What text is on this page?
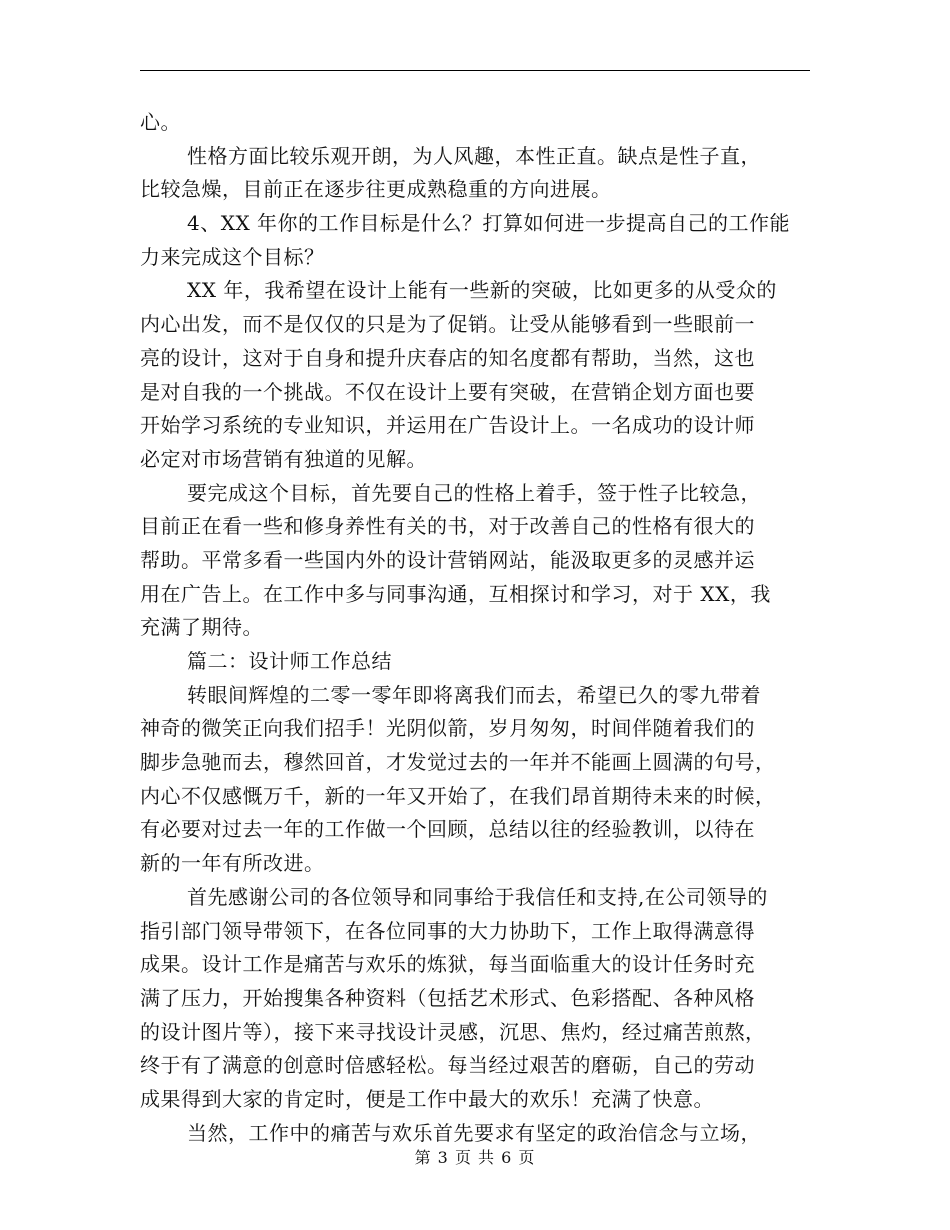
心。
性格方面比较乐观开朗，为人风趣，本性正直。缺点是性子直，
比较急燥，目前正在逐步往更成熟稳重的方向进展。
4、XX 年你的工作目标是什么？打算如何进一步提高自己的工作能
力来完成这个目标？
XX 年，我希望在设计上能有一些新的突破，比如更多的从受众的
内心出发，而不是仅仅的只是为了促销。让受从能够看到一些眼前一
亮的设计，这对于自身和提升庆春店的知名度都有帮助，当然，这也
是对自我的一个挑战。不仅在设计上要有突破，在营销企划方面也要
开始学习系统的专业知识，并运用在广告设计上。一名成功的设计师
必定对市场营销有独道的见解。
要完成这个目标，首先要自己的性格上着手，签于性子比较急，
目前正在看一些和修身养性有关的书，对于改善自己的性格有很大的
帮助。平常多看一些国内外的设计营销网站，能汲取更多的灵感并运
用在广告上。在工作中多与同事沟通，互相探讨和学习，对于 XX，我
充满了期待。
篇二：设计师工作总结
转眼间辉煌的二零一零年即将离我们而去，希望已久的零九带着
神奇的微笑正向我们招手！光阴似箭，岁月匆匆，时间伴随着我们的
脚步急驰而去，穆然回首，才发觉过去的一年并不能画上圆满的句号，
内心不仅感慨万千，新的一年又开始了，在我们昂首期待未来的时候，
有必要对过去一年的工作做一个回顾，总结以往的经验教训，以待在
新的一年有所改进。
首先感谢公司的各位领导和同事给于我信任和支持,在公司领导的
指引部门领导带领下，在各位同事的大力协助下，工作上取得满意得
成果。设计工作是痛苦与欢乐的炼狱，每当面临重大的设计任务时充
满了压力，开始搜集各种资料（包括艺术形式、色彩搭配、各种风格
的设计图片等），接下来寻找设计灵感，沉思、焦灼，经过痛苦煎熬，
终于有了满意的创意时倍感轻松。每当经过艰苦的磨砺，自己的劳动
成果得到大家的肯定时，便是工作中最大的欢乐！充满了快意。
当然，工作中的痛苦与欢乐首先要求有坚定的政治信念与立场，
第 3 页 共 6 页
